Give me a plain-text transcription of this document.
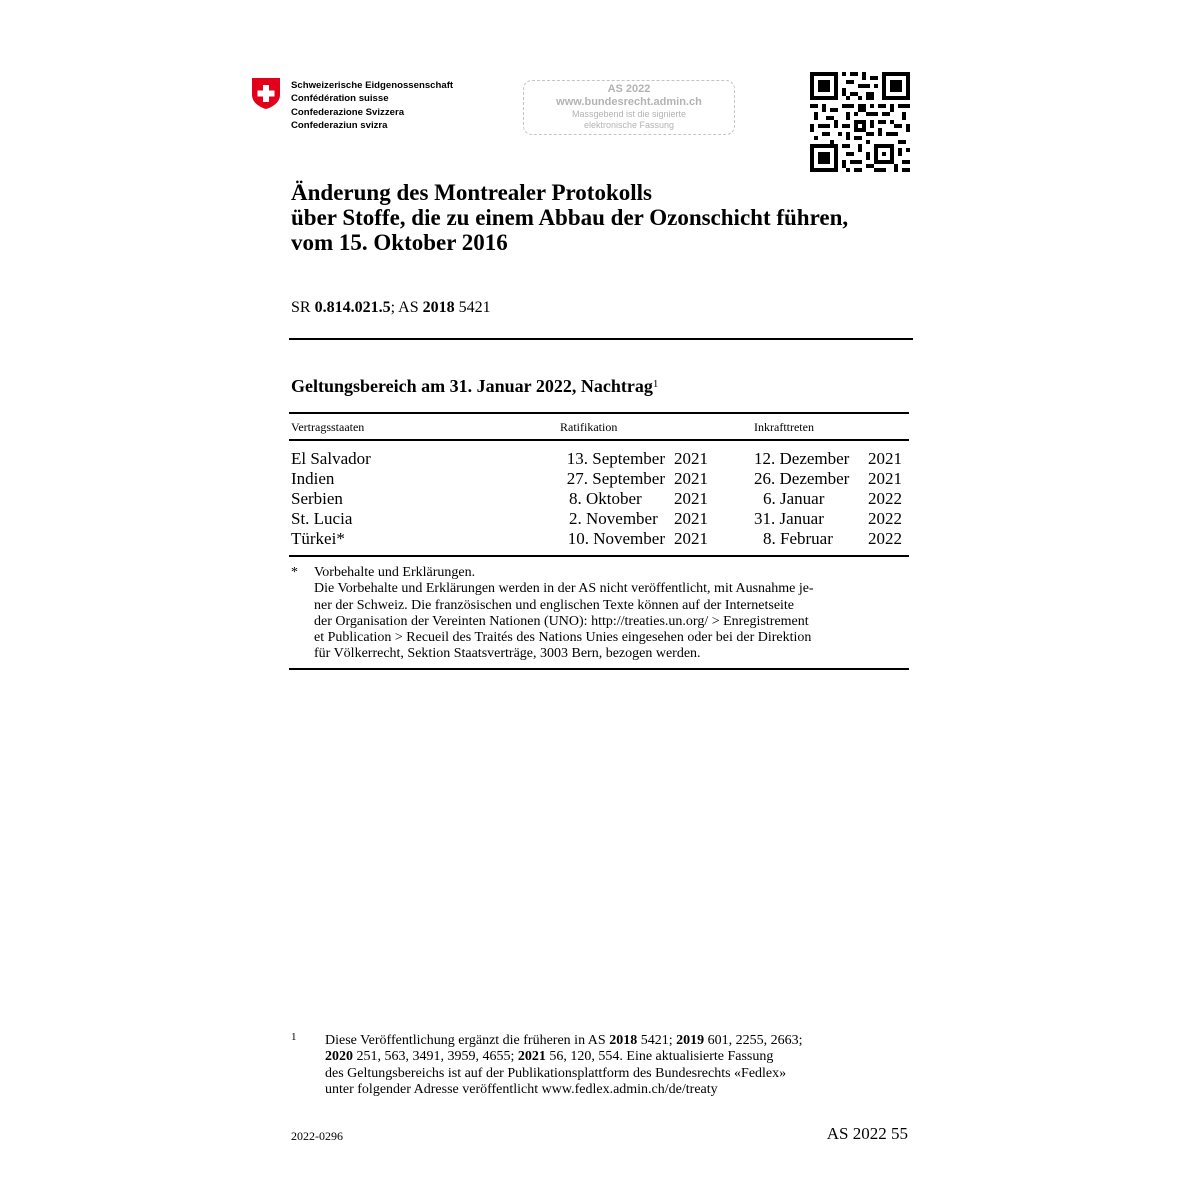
Schweizerische Eidgenossenschaft
Confédération suisse
Confederazione Svizzera
Confederaziun svizra
AS 2022
www.bundesrecht.admin.ch
Massgebend ist die signierte
elektronische Fassung
Änderung des Montrealer Protokolls
über Stoffe, die zu einem Abbau der Ozonschicht führen,
vom 15. Oktober 2016
SR 0.814.021.5; AS 2018 5421
Geltungsbereich am 31. Januar 2022, Nachtrag$^1$
Vertragsstaaten	Ratifikation	Inkrafttreten
El Salvador	13. September 2021	12. Dezember 2021
Indien	27. September 2021	26. Dezember 2021
Serbien	8. Oktober 2021	6. Januar	2022
St. Lucia	2. November 2021	31. Januar	2022
Türkei*	10. November 2021	8. Februar 2022
* Vorbehalte und Erklärungen.
Die Vorbehalte und Erklärungen werden in der AS nicht veröffentlicht, mit Ausnahme je-
ner der Schweiz. Die französischen und englischen Texte können auf der Internetseite
der Organisation der Vereinten Nationen (UNO): http://treaties.un.org/ > Enregistrement
et Publication > Recueil des Traités des Nations Unies eingesehen oder bei der Direktion
für Völkerrecht, Sektion Staatsverträge, 3003 Bern, bezogen werden.
1 Diese Veröffentlichung ergänzt die früheren in AS 2018 5421; 2019 601, 2255, 2663;
2020 251, 563, 3491, 3959, 4655; 2021 56, 120, 554. Eine aktualisierte Fassung
des Geltungsbereichs ist auf der Publikationsplattform des Bundesrechts «Fedlex»
unter folgender Adresse veröffentlicht www.fedlex.admin.ch/de/treaty
2022-0296	AS 2022 55
